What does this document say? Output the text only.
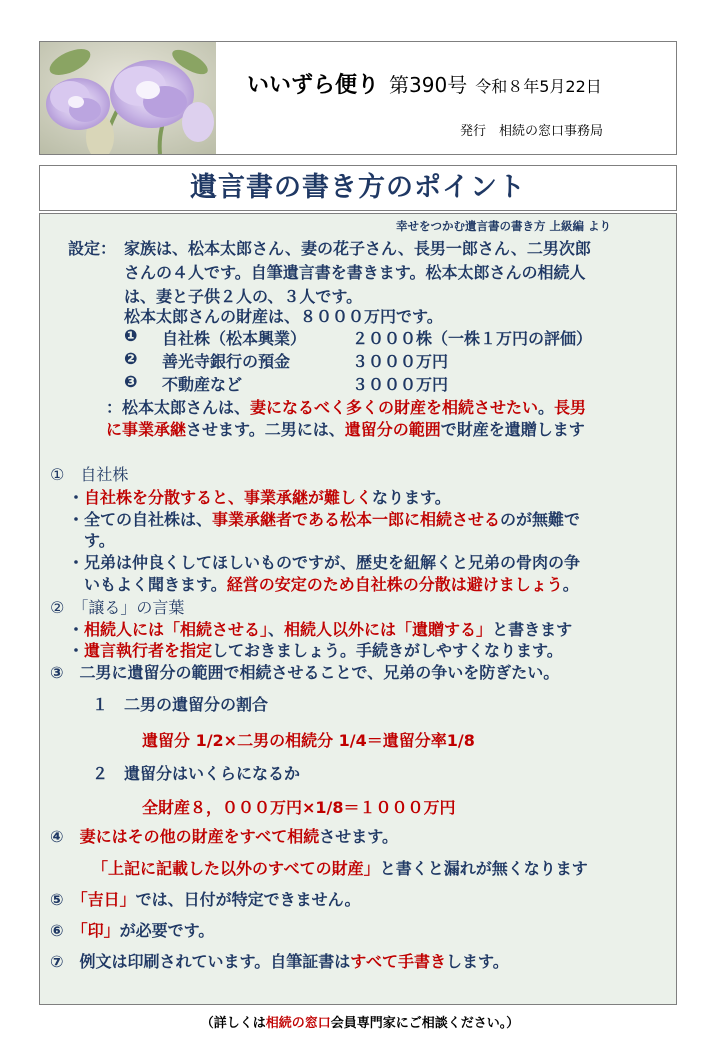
いいずら便り 第390号 令和８年5月22日
発行　相続の窓口事務局
遺言書の書き方のポイント
幸せをつかむ遺言書の書き方 上級編 より
設定： 家族は、松本太郎さん、妻の花子さん、長男一郎さん、二男次郎
さんの４人です。自筆遺言書を書きます。松本太郎さんの相続人
は、妻と子供２人の、３人です。
松本太郎さんの財産は、８０００万円です。
❶ 自社株（松本興業）	２０００株（一株１万円の評価）
❷ 善光寺銀行の預金	３０００万円
❸ 不動産など	３０００万円
：松本太郎さんは、妻になるべく多くの財産を相続させたい。長男
に事業承継させます。二男には、遺留分の範囲で財産を遺贈します
①　自社株
・自社株を分散すると、事業承継が難しくなります。
・全ての自社株は、事業承継者である松本一郎に相続させるのが無難で
す。
・兄弟は仲良くしてほしいものですが、歴史を紐解くと兄弟の骨肉の争
いもよく聞きます。経営の安定のため自社株の分散は避けましょう。
②　「譲る」の言葉
・相続人には「相続させる」、相続人以外には「遺贈する」と書きます
・遺言執行者を指定しておきましょう。手続きがしやすくなります。
③　二男に遺留分の範囲で相続させることで、兄弟の争いを防ぎたい。
１　二男の遺留分の割合
遺留分 1/2×二男の相続分 1/4＝遺留分率1/8
２　遺留分はいくらになるか
全財産８，０００万円×1/8＝１０００万円
④　妻にはその他の財産をすべて相続させます。
「上記に記載した以外のすべての財産」と書くと漏れが無くなります
⑤　「吉日」では、日付が特定できません。
⑥　「印」が必要です。
⑦　例文は印刷されています。自筆証書はすべて手書きします。
（詳しくは相続の窓口会員専門家にご相談ください。）
